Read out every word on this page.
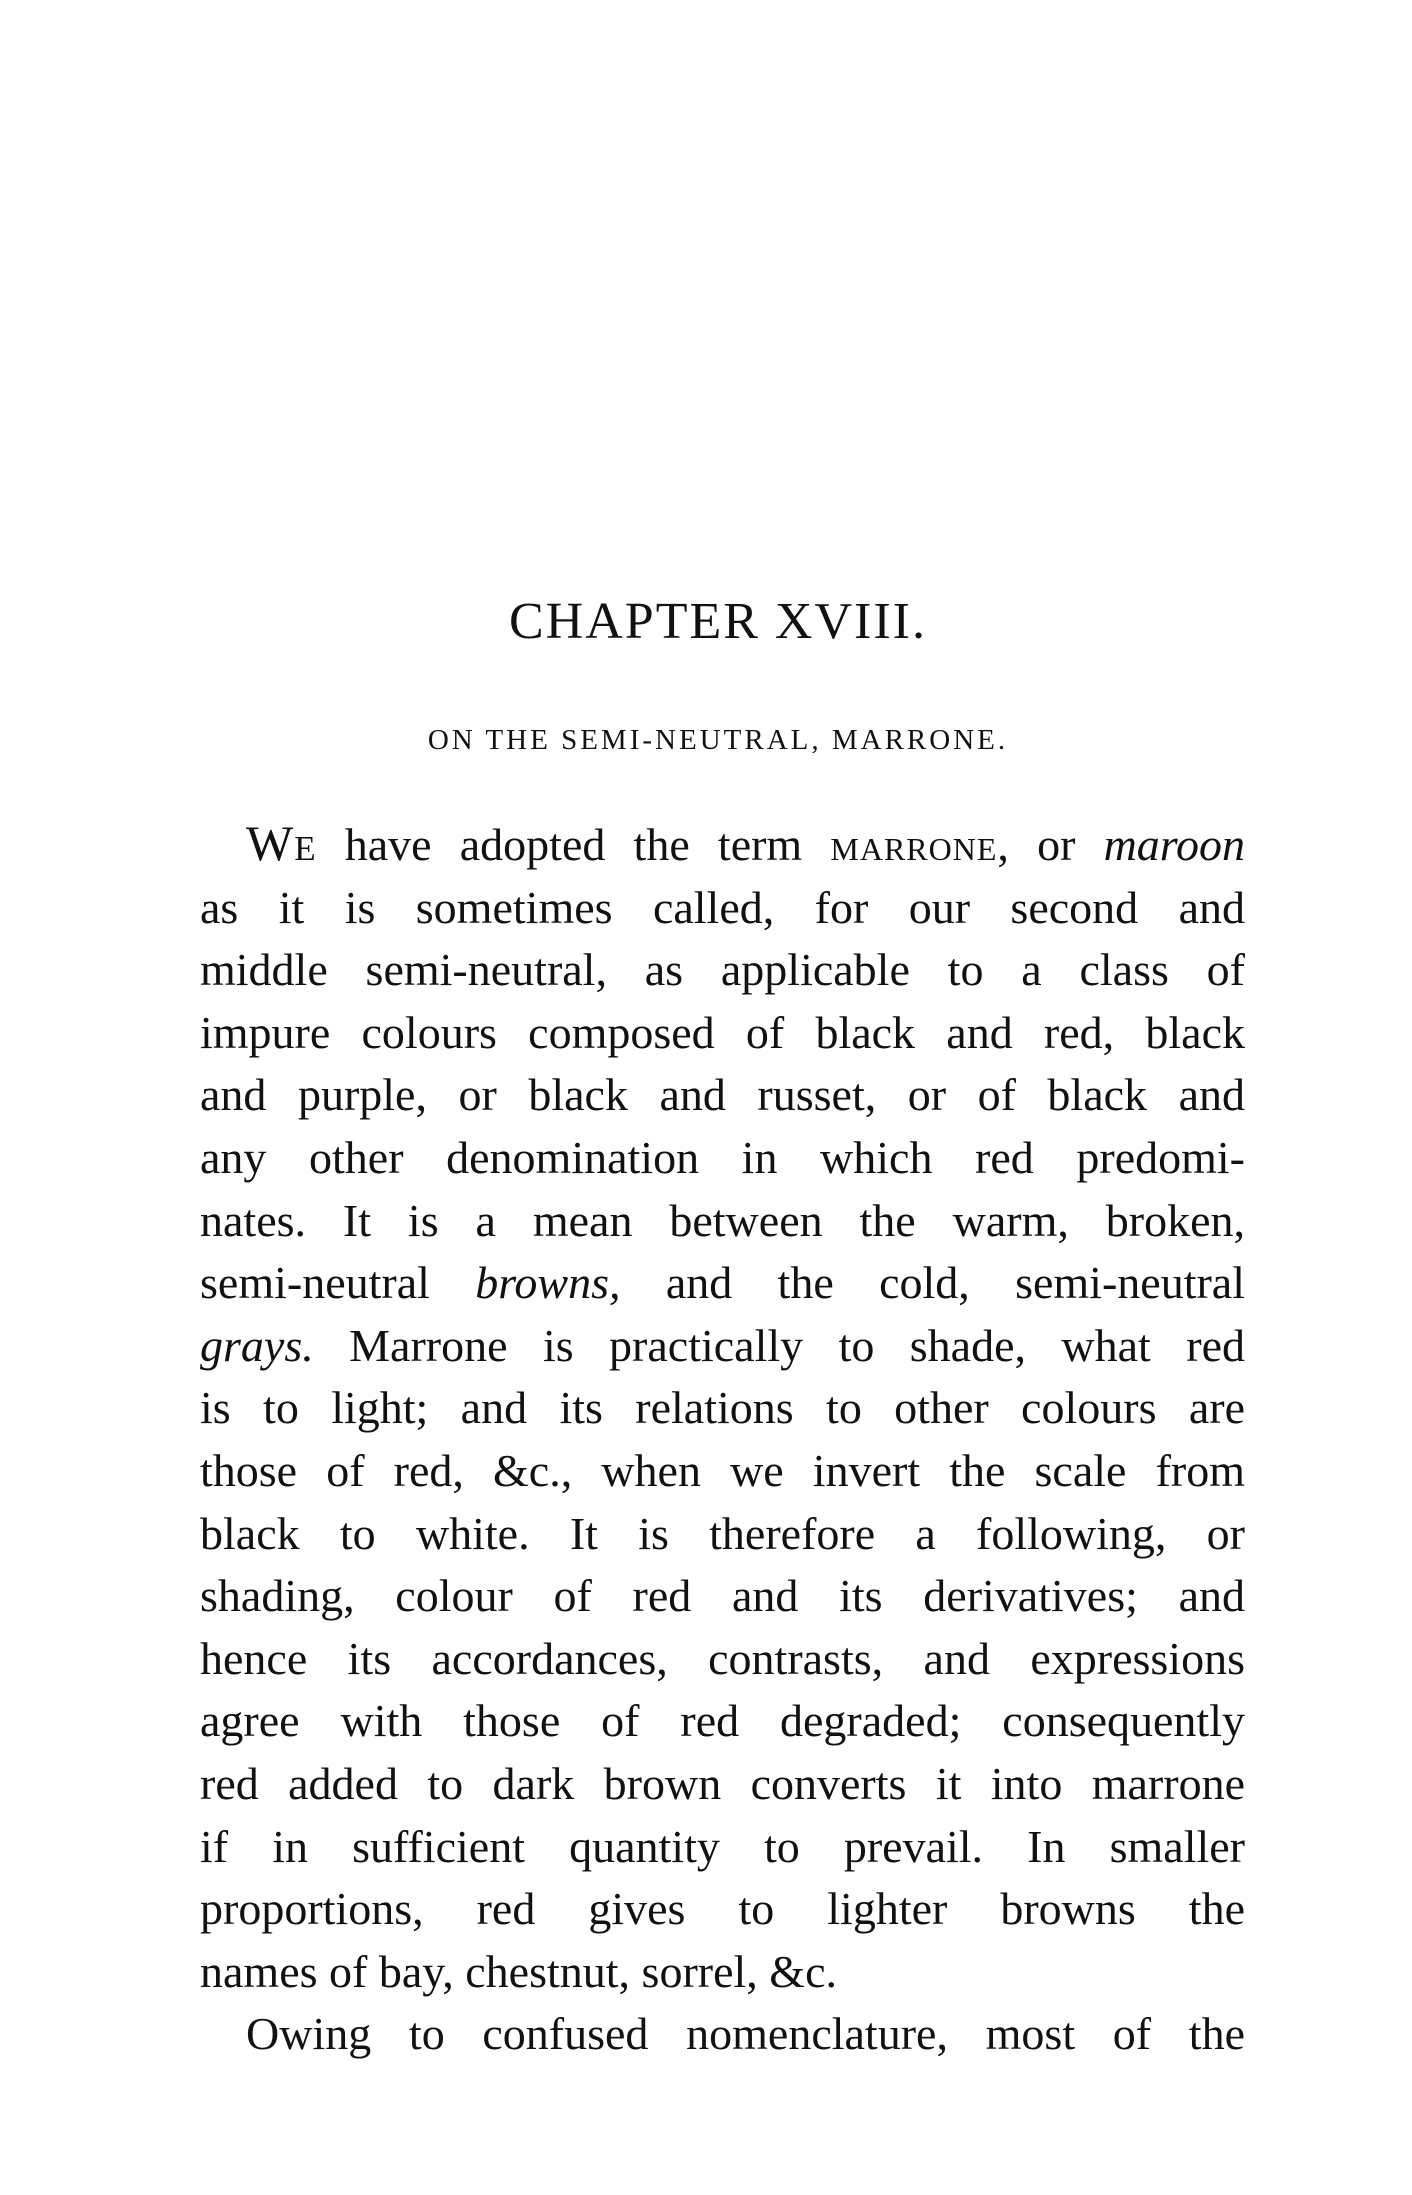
CHAPTER XVIII.
ON THE SEMI-NEUTRAL, MARRONE.
We have adopted the term marrone, or maroon
as it is sometimes called, for our second and
middle semi-neutral, as applicable to a class of
impure colours composed of black and red, black
and purple, or black and russet, or of black and
any other denomination in which red predomi-
nates. It is a mean between the warm, broken,
semi-neutral browns, and the cold, semi-neutral
grays. Marrone is practically to shade, what red
is to light; and its relations to other colours are
those of red, &c., when we invert the scale from
black to white. It is therefore a following, or
shading, colour of red and its derivatives; and
hence its accordances, contrasts, and expressions
agree with those of red degraded; consequently
red added to dark brown converts it into marrone
if in sufficient quantity to prevail. In smaller
proportions, red gives to lighter browns the
names of bay, chestnut, sorrel, &c.
Owing to confused nomenclature, most of the
